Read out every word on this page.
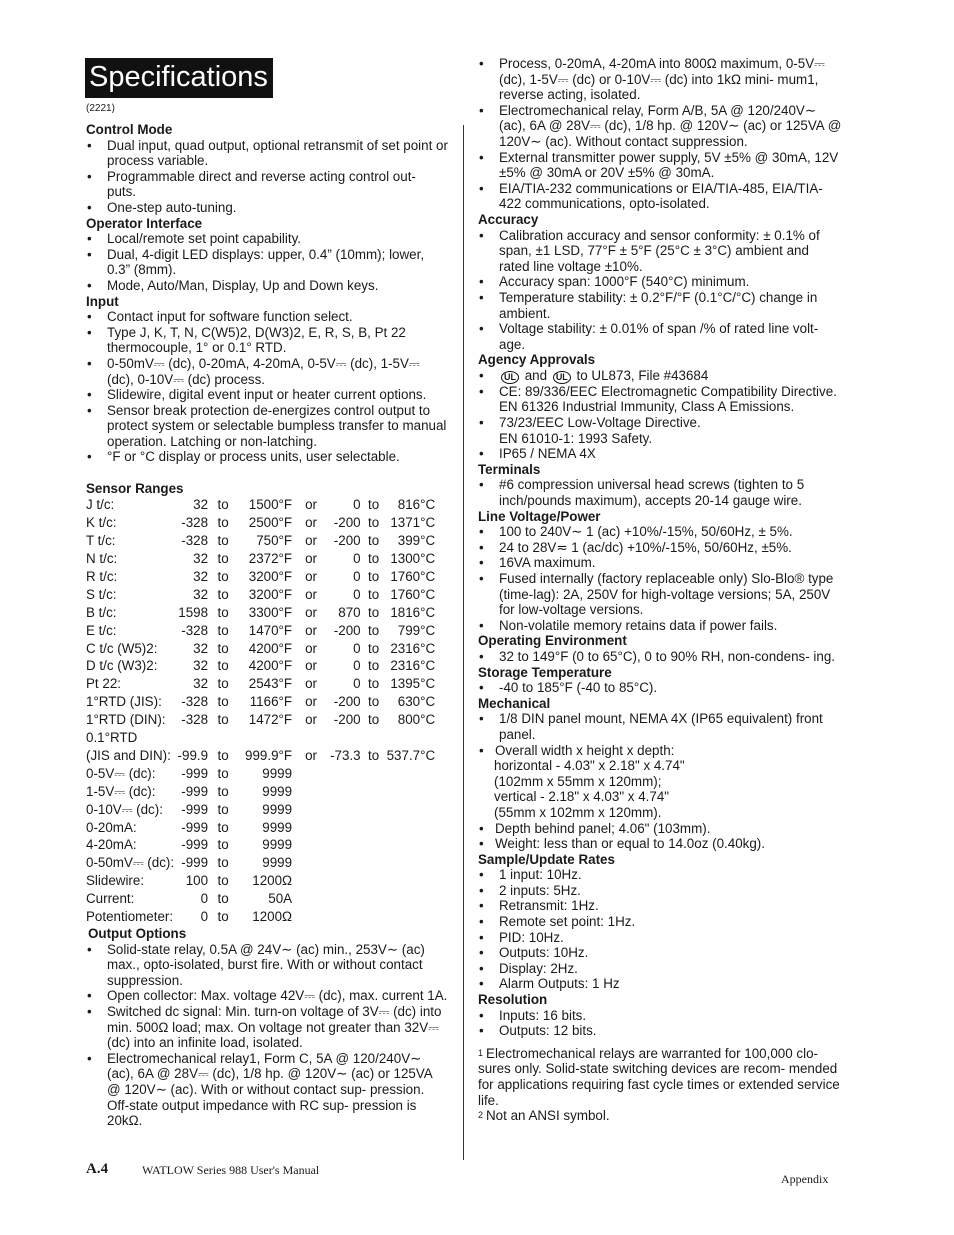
Specifications
(2221)
Control Mode
• Dual input, quad output, optional retransmit of set point or process variable.
• Programmable direct and reverse acting control out- puts.
• One-step auto-tuning.
Operator Interface
• Local/remote set point capability.
• Dual, 4-digit LED displays: upper, 0.4” (10mm); lower, 0.3” (8mm).
• Mode, Auto/Man, Display, Up and Down keys.
Input
• Contact input for software function select.
• Type J, K, T, N, C(W5)2, D(W3)2, E, R, S, B, Pt 22 thermocouple, 1° or 0.1° RTD.
• 0-50mV⎓ (dc), 0-20mA, 4-20mA, 0-5V⎓ (dc), 1-5V⎓ (dc), 0-10V⎓ (dc) process.
• Slidewire, digital event input or heater current options.
• Sensor break protection de-energizes control output to protect system or selectable bumpless transfer to manual operation. Latching or non-latching.
• °F or °C display or process units, user selectable.
Sensor Ranges
J t/c:	32	to	1500°F	or	0	to	816°C
K t/c:	-328	to	2500°F	or	-200	to	1371°C
T t/c:	-328	to	750°F	or	-200	to	399°C
N t/c:	32	to	2372°F	or	0	to	1300°C
R t/c:	32	to	3200°F	or	0	to	1760°C
S t/c:	32	to	3200°F	or	0	to	1760°C
B t/c:	1598	to	3300°F	or	870	to	1816°C
E t/c:	-328	to	1470°F	or	-200	to	799°C
C t/c (W5)2:	32	to	4200°F	or	0	to	2316°C
D t/c (W3)2:	32	to	4200°F	or	0	to	2316°C
Pt 22:	32	to	2543°F	or	0	to	1395°C
1°RTD (JIS):	-328	to	1166°F	or	-200	to	630°C
1°RTD (DIN):	-328	to	1472°F	or	-200	to	800°C
0.1°RTD							
(JIS and DIN):	-99.9	to	999.9°F	or	-73.3	to	537.7°C
0-5V⎓ (dc):	-999	to	9999				
1-5V⎓ (dc):	-999	to	9999				
0-10V⎓ (dc):	-999	to	9999				
0-20mA:	-999	to	9999				
4-20mA:	-999	to	9999				
0-50mV⎓ (dc):	-999	to	9999				
Slidewire:	100	to	1200Ω				
Current:	0	to	50A				
Potentiometer:	0	to	1200Ω				
Output Options
• Solid-state relay, 0.5A @ 24V∼ (ac) min., 253V∼ (ac) max., opto-isolated, burst fire. With or without contact suppression.
• Open collector: Max. voltage 42V⎓ (dc), max. current 1A.
• Switched dc signal: Min. turn-on voltage of 3V⎓ (dc) into min. 500Ω load; max. On voltage not greater than 32V⎓ (dc) into an infinite load, isolated.
• Electromechanical relay1, Form C, 5A @ 120/240V∼ (ac), 6A @ 28V⎓ (dc), 1/8 hp. @ 120V∼ (ac) or 125VA @ 120V∼ (ac). With or without contact sup- pression. Off-state output impedance with RC sup- pression is 20kΩ.
• Process, 0-20mA, 4-20mA into 800Ω maximum, 0-5V⎓ (dc), 1-5V⎓ (dc) or 0-10V⎓ (dc) into 1kΩ mini- mum1, reverse acting, isolated.
• Electromechanical relay, Form A/B, 5A @ 120/240V∼ (ac), 6A @ 28V⎓ (dc), 1/8 hp. @ 120V∼ (ac) or 125VA @ 120V∼ (ac). Without contact suppression.
• External transmitter power supply, 5V ±5% @ 30mA, 12V ±5% @ 30mA or 20V ±5% @ 30mA.
• EIA/TIA-232 communications or EIA/TIA-485, EIA/TIA- 422 communications, opto-isolated.
Accuracy
• Calibration accuracy and sensor conformity: ± 0.1% of span, ±1 LSD, 77°F ± 5°F (25°C ± 3°C) ambient and rated line voltage ±10%.
• Accuracy span: 1000°F (540°C) minimum.
• Temperature stability: ± 0.2°F/°F (0.1°C/°C) change in ambient.
• Voltage stability: ± 0.01% of span /% of rated line volt- age.
Agency Approvals
• UL and UL to UL873, File #43684
• CE: 89/336/EEC Electromagnetic Compatibility Directive.
EN 61326 Industrial Immunity, Class A Emissions.
• 73/23/EEC Low-Voltage Directive.
EN 61010-1: 1993 Safety.
• IP65 / NEMA 4X
Terminals
• #6 compression universal head screws (tighten to 5 inch/pounds maximum), accepts 20-14 gauge wire.
Line Voltage/Power
• 100 to 240V∼ 1 (ac) +10%/-15%, 50/60Hz, ± 5%.
• 24 to 28V≂ 1 (ac/dc) +10%/-15%, 50/60Hz, ±5%.
• 16VA maximum.
• Fused internally (factory replaceable only) Slo-Blo® type (time-lag): 2A, 250V for high-voltage versions; 5A, 250V for low-voltage versions.
• Non-volatile memory retains data if power fails.
Operating Environment
• 32 to 149°F (0 to 65°C), 0 to 90% RH, non-condens- ing.
Storage Temperature
• -40 to 185°F (-40 to 85°C).
Mechanical
• 1/8 DIN panel mount, NEMA 4X (IP65 equivalent) front panel.
• Overall width x height x depth:
horizontal - 4.03" x 2.18" x 4.74"
(102mm x 55mm x 120mm);
vertical - 2.18" x 4.03" x 4.74"
(55mm x 102mm x 120mm).
• Depth behind panel; 4.06" (103mm).
• Weight: less than or equal to 14.0oz (0.40kg).
Sample/Update Rates
• 1 input: 10Hz.
• 2 inputs: 5Hz.
• Retransmit: 1Hz.
• Remote set point: 1Hz.
• PID: 10Hz.
• Outputs: 10Hz.
• Display: 2Hz.
• Alarm Outputs: 1 Hz
Resolution
• Inputs: 16 bits.
• Outputs: 12 bits.
$^1$ Electromechanical relays are warranted for 100,000 clo- sures only. Solid-state switching devices are recom- mended for applications requiring fast cycle times or extended service life.
$^2$ Not an ANSI symbol.
A.4	WATLOW Series 988 User's Manual
Appendix
